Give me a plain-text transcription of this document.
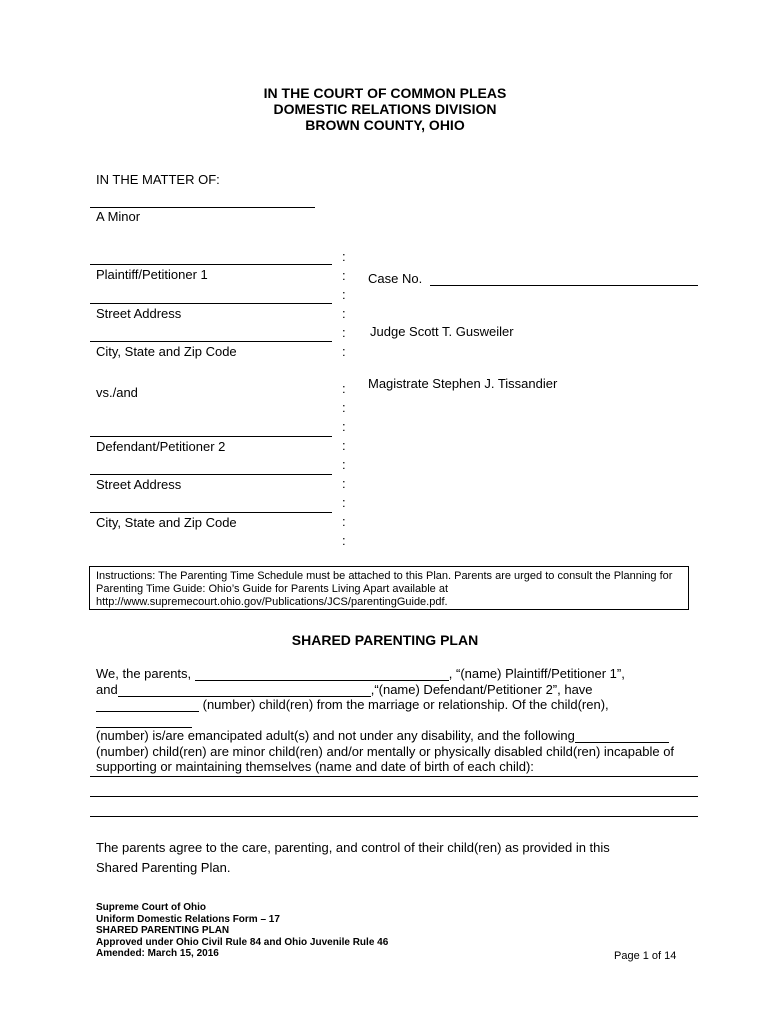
IN THE COURT OF COMMON PLEAS
DOMESTIC RELATIONS DIVISION
BROWN COUNTY, OHIO
IN THE MATTER OF:
A Minor
Plaintiff/Petitioner 1
Street Address
City, State and Zip Code
vs./and
Defendant/Petitioner 2
Street Address
City, State and Zip Code
:
:
:
:
:
:
:
:
:
:
:
:
:
:
:
Case No.
Judge Scott T. Gusweiler
Magistrate Stephen J. Tissandier
Instructions: The Parenting Time Schedule must be attached to this Plan. Parents are urged to consult the Planning for Parenting Time Guide: Ohio’s Guide for Parents Living Apart available at http://www.supremecourt.ohio.gov/Publications/JCS/parentingGuide.pdf.
SHARED PARENTING PLAN
We, the parents,	, “(name) Plaintiff/Petitioner 1”,
and	,“(name) Defendant/Petitioner 2”, have
(number) child(ren) from the marriage or relationship. Of the child(ren),
(number) is/are emancipated adult(s) and not under any disability, and the following
(number) child(ren) are minor child(ren) and/or mentally or physically disabled child(ren) incapable of supporting or maintaining themselves (name and date of birth of each child):
The parents agree to the care, parenting, and control of their child(ren) as provided in this Shared Parenting Plan.
Supreme Court of Ohio
Uniform Domestic Relations Form – 17
SHARED PARENTING PLAN
Approved under Ohio Civil Rule 84 and Ohio Juvenile Rule 46
Amended: March 15, 2016	Page 1 of 14
